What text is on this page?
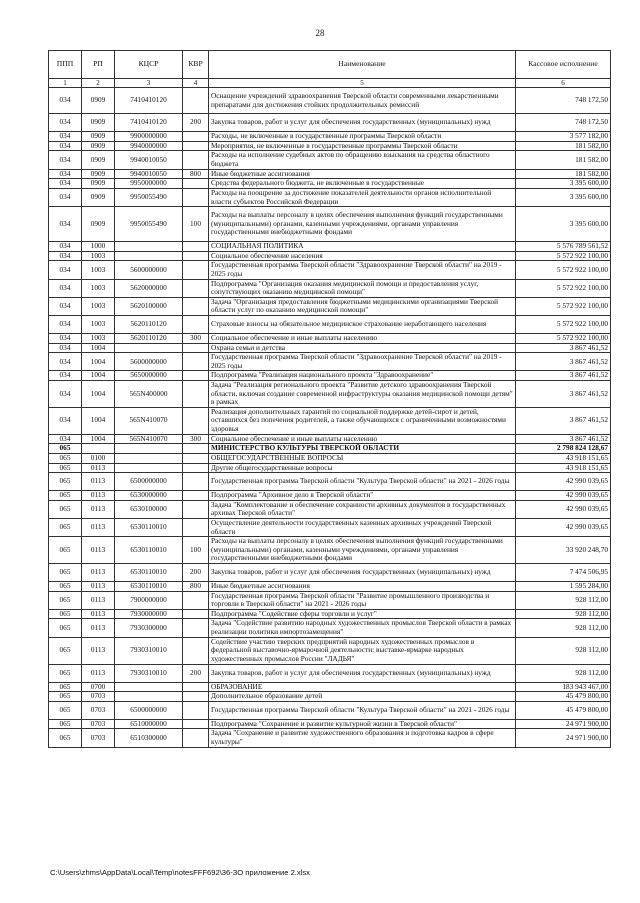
28
ППП	РП	КЦСР	КВР	Наименование	Кассовое исполнение
1	2	3	4	5	6
034	0909	7410410120		Оснащение учреждений здравоохранения Тверской области современными лекарственными препаратами для достижения стойких продолжительных ремиссий	748 172,50
034	0909	7410410120	200	Закупка товаров, работ и услуг для обеспечения государственных (муниципальных) нужд	748 172,50
034	0909	9900000000		Расходы, не включенные в государственные программы Тверской области	3 577 182,00
034	0909	9940000000		Мероприятия, не включенные в государственные программы Тверской области	181 582,00
034	0909	9940010050		Расходы на исполнение судебных актов по обращению взыскания на средства областного бюджета	181 582,00
034	0909	9940010050	800	Иные бюджетные ассигнования	181 582,00
034	0909	9950000000		Средства федерального бюджета, не включенные в государственные	3 395 600,00
034	0909	9950055490		Расходы на поощрение за достижение показателей деятельности органов исполнительной власти субъектов Российской Федерации	3 395 600,00
034	0909	9950055490	100	Расходы на выплаты персоналу в целях обеспечения выполнения функций государственными (муниципальными) органами, казенными учреждениями, органами управления государственными внебюджетными фондами	3 395 600,00
034	1000			СОЦИАЛЬНАЯ ПОЛИТИКА	5 576 789 561,52
034	1003			Социальное обеспечение населения	5 572 922 100,00
034	1003	5600000000		Государственная программа Тверской области "Здравоохранение Тверской области" на 2019 - 2025 годы	5 572 922 100,00
034	1003	5620000000		Подпрограмма "Организация оказания медицинской помощи и предоставления услуг, сопутствующих оказанию медицинской помощи"	5 572 922 100,00
034	1003	5620100000		Задача "Организация предоставления бюджетными медицинскими организациями Тверской области услуг по оказанию медицинской помощи"	5 572 922 100,00
034	1003	5620110120		Страховые взносы на обязательное медицинское страхование неработающего населения	5 572 922 100,00
034	1003	5620110120	300	Социальное обеспечение и иные выплаты населению	5 572 922 100,00
034	1004			Охрана семьи и детства	3 867 461,52
034	1004	5600000000		Государственная программа Тверской области "Здравоохранение Тверской области" на 2019 - 2025 годы	3 867 461,52
034	1004	5650000000		Подпрограмма "Реализация национального проекта "Здравоохранение"	3 867 461,52
034	1004	565N400000		Задача "Реализация регионального проекта "Развитие детского здравоохранения Тверской области, включая создание современной инфраструктуры оказания медицинской помощи детям" в рамках	3 867 461,52
034	1004	565N410070		Реализация дополнительных гарантий по социальной поддержке детей-сирот и детей, оставшихся без попечения родителей, а также обучающихся с ограниченными возможностями здоровья	3 867 461,52
034	1004	565N410070	300	Социальное обеспечение и иные выплаты населению	3 867 461,52
065				МИНИСТЕРСТВО КУЛЬТУРЫ ТВЕРСКОЙ ОБЛАСТИ	2 798 824 128,67
065	0100			ОБЩЕГОСУДАРСТВЕННЫЕ ВОПРОСЫ	43 918 151,65
065	0113			Другие общегосударственные вопросы	43 918 151,65
065	0113	6500000000		Государственная программа Тверской области "Культура Тверской области" на 2021 - 2026 годы	42 990 039,65
065	0113	6530000000		Подпрограмма "Архивное дело в Тверской области"	42 990 039,65
065	0113	6530100000		Задача "Комплектование и обеспечение сохранности архивных документов в государственных архивах Тверской области"	42 990 039,65
065	0113	6530110010		Осуществление деятельности государственных казенных архивных учреждений Тверской области	42 990 039,65
065	0113	6530110010	100	Расходы на выплаты персоналу в целях обеспечения выполнения функций государственными (муниципальными) органами, казенными учреждениями, органами управления государственными внебюджетными фондами	33 920 248,70
065	0113	6530110010	200	Закупка товаров, работ и услуг для обеспечения государственных (муниципальных) нужд	7 474 506,95
065	0113	6530110010	800	Иные бюджетные ассигнования	1 595 284,00
065	0113	7900000000		Государственная программа Тверской области "Развитие промышленного производства и торговли в Тверской области" на 2021 - 2026 годы	928 112,00
065	0113	7930000000		Подпрограмма "Содействие сферы торговли и услуг"	928 112,00
065	0113	7930300000		Задача "Содействие развитию народных художественных промыслов Тверской области в рамках реализации политики импортозамещения"	928 112,00
065	0113	7930310010		Содействие участию тверских предприятий народных художественных промыслов в федеральной выставочно-ярмарочной деятельности: выставке-ярмарке народных художественных промыслов России "ЛАДЬЯ"	928 112,00
065	0113	7930310010	200	Закупка товаров, работ и услуг для обеспечения государственных (муниципальных) нужд	928 112,00
065	0700			ОБРАЗОВАНИЕ	183 943 467,00
065	0703			Дополнительное образование детей	45 479 800,00
065	0703	6500000000		Государственная программа Тверской области "Культура Тверской области" на 2021 - 2026 годы	45 479 800,00
065	0703	6510000000		Подпрограмма "Сохранение и развитие культурной жизни в Тверской области"	24 971 900,00
065	0703	6510300000		Задача "Сохранение и развитие художественного образования и подготовка кадров в сфере культуры"	24 971 900,00
C:\Users\zhms\AppData\Local\Temp\notesFFF692\36-ЗО приложение 2.xlsx
